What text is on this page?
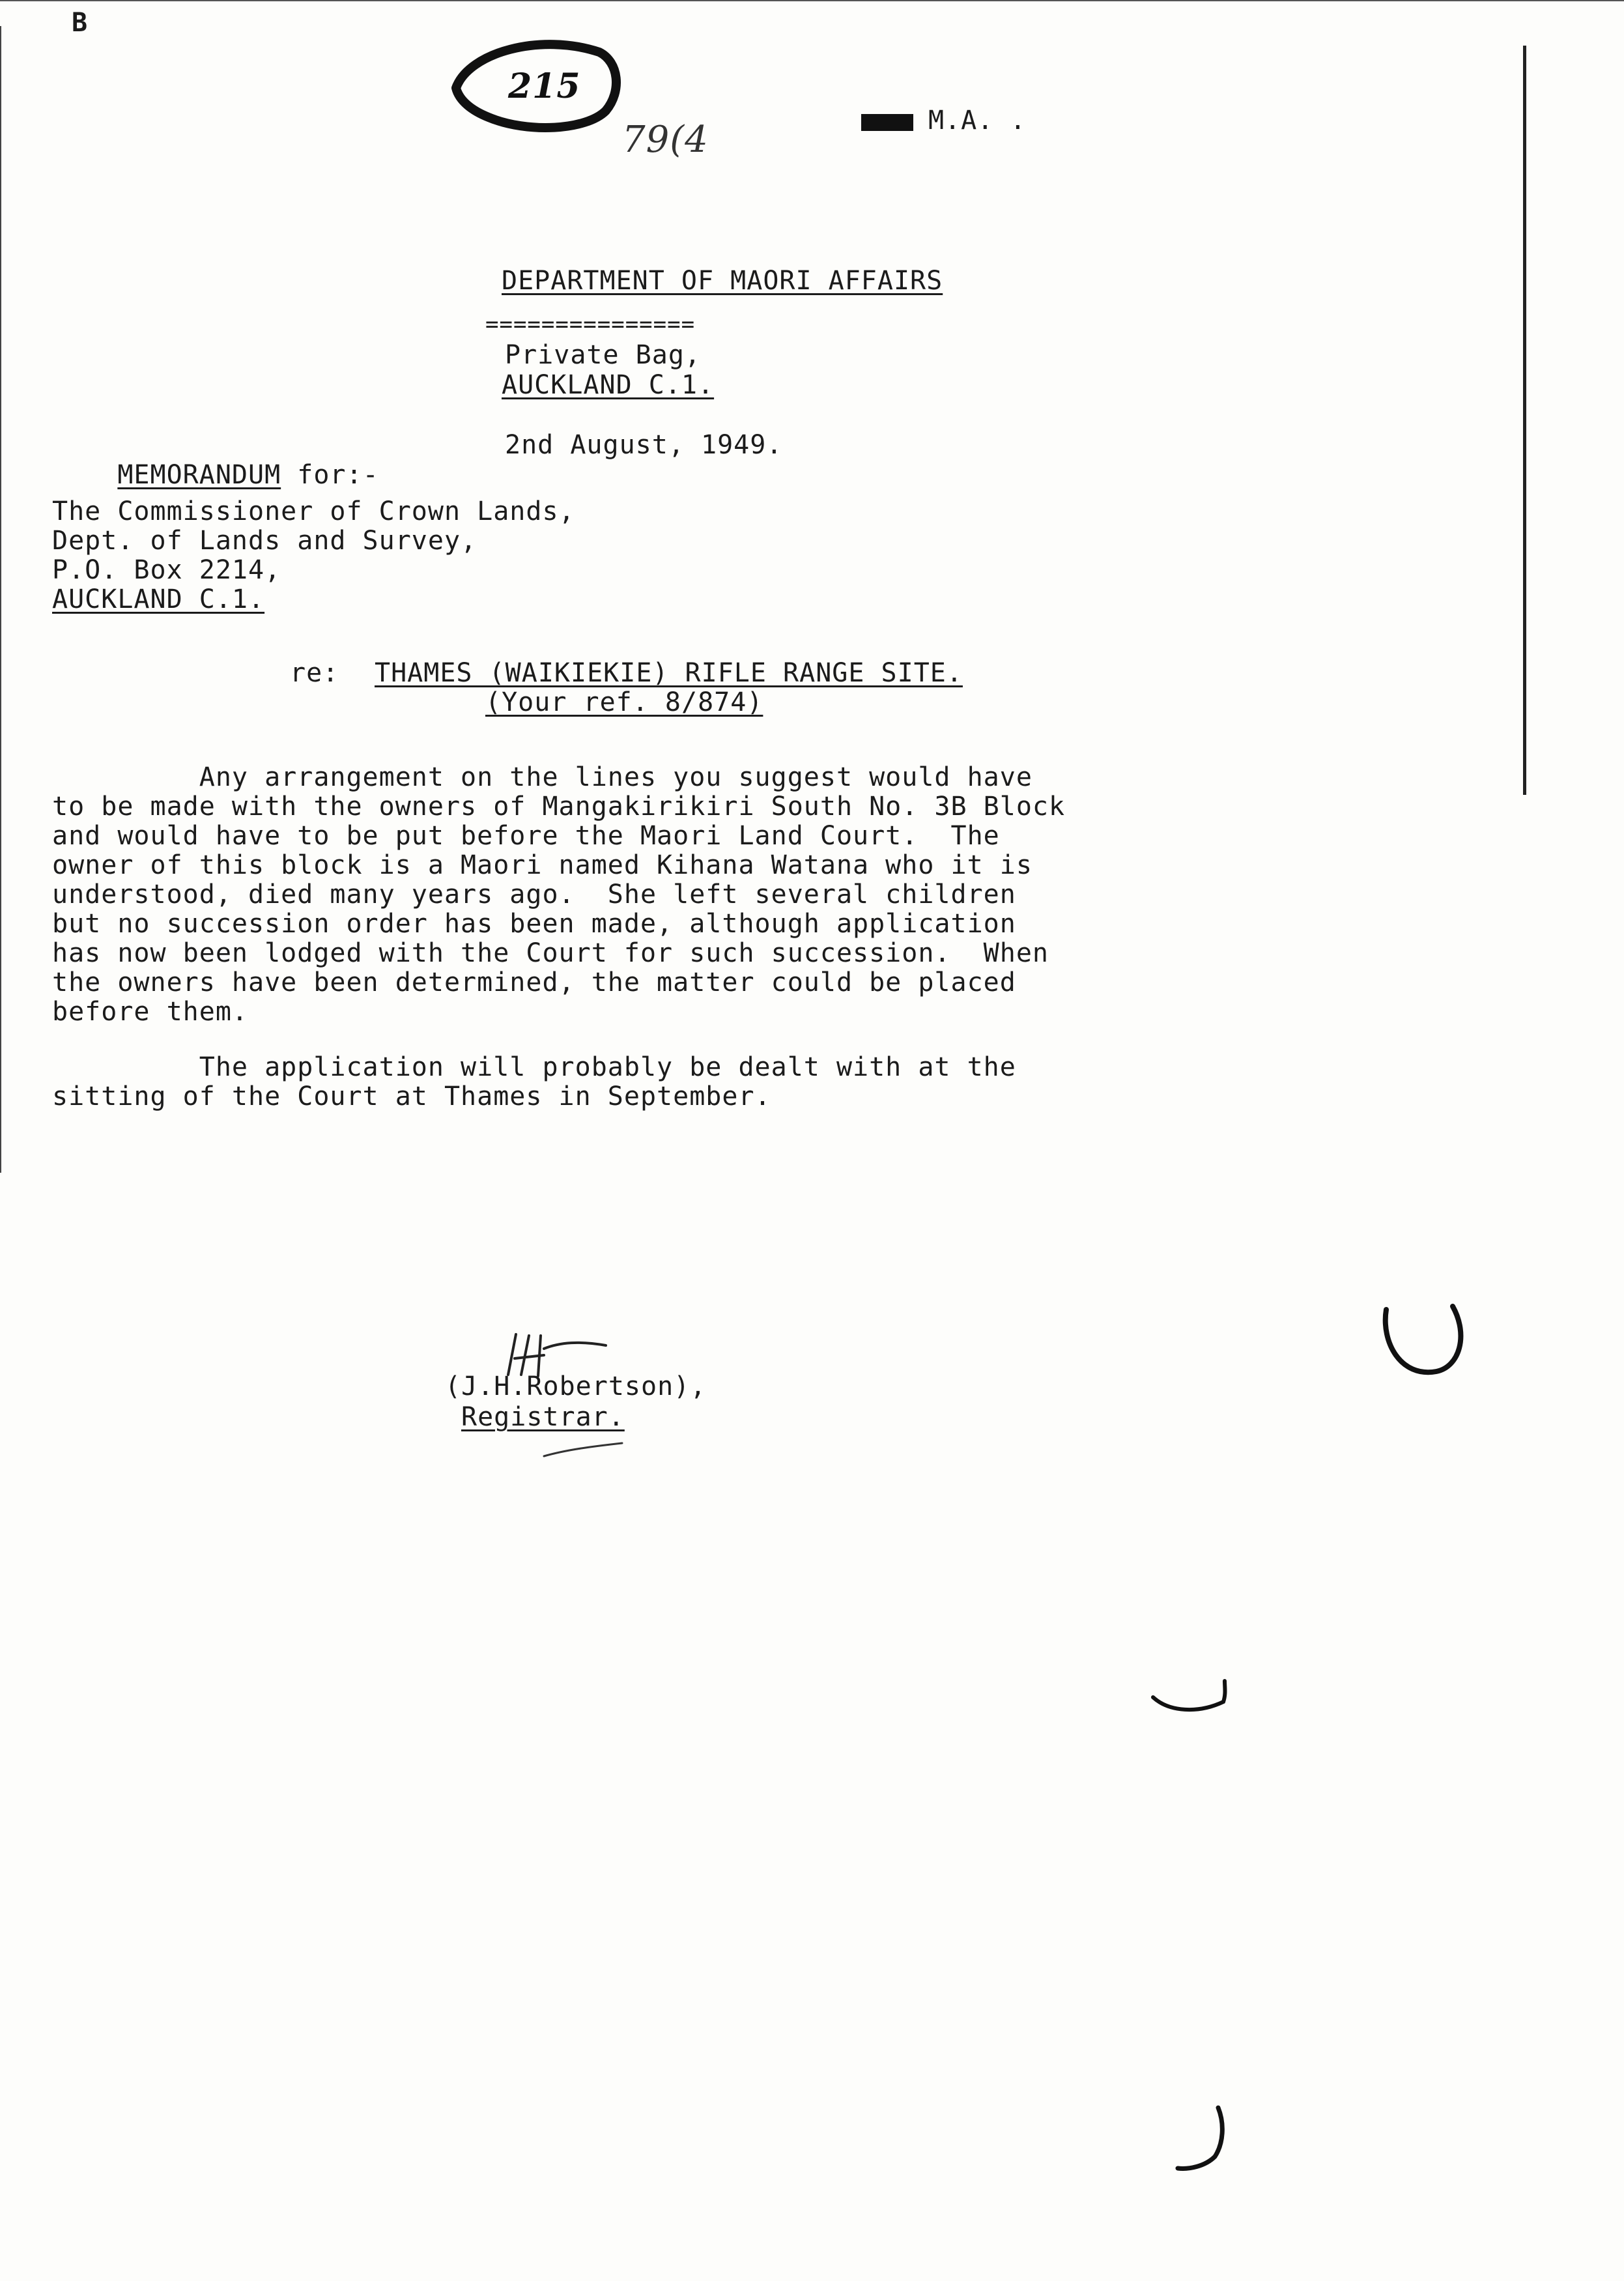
B
215
79(4	M.A. .
DEPARTMENT OF MAORI AFFAIRS
===============
Private Bag,
AUCKLAND C.1.

MEMORANDUM for:-

2nd August, 1949.
The Commissioner of Crown Lands,
Dept. of Lands and Survey,
P.O. Box 2214,
AUCKLAND C.1.
re: THAMES (WAIKIEKIE) RIFLE RANGE SITE.
(Your ref. 8/874)
Any arrangement on the lines you suggest would have
to be made with the owners of Mangakirikiri South No. 3B Block
and would have to be put before the Maori Land Court.  The
owner of this block is a Maori named Kihana Watana who it is
understood, died many years ago.  She left several children
but no succession order has been made, although application
has now been lodged with the Court for such succession.  When
the owners have been determined, the matter could be placed
before them.
The application will probably be dealt with at the
sitting of the Court at Thames in September.
(J.H.Robertson),
Registrar.
